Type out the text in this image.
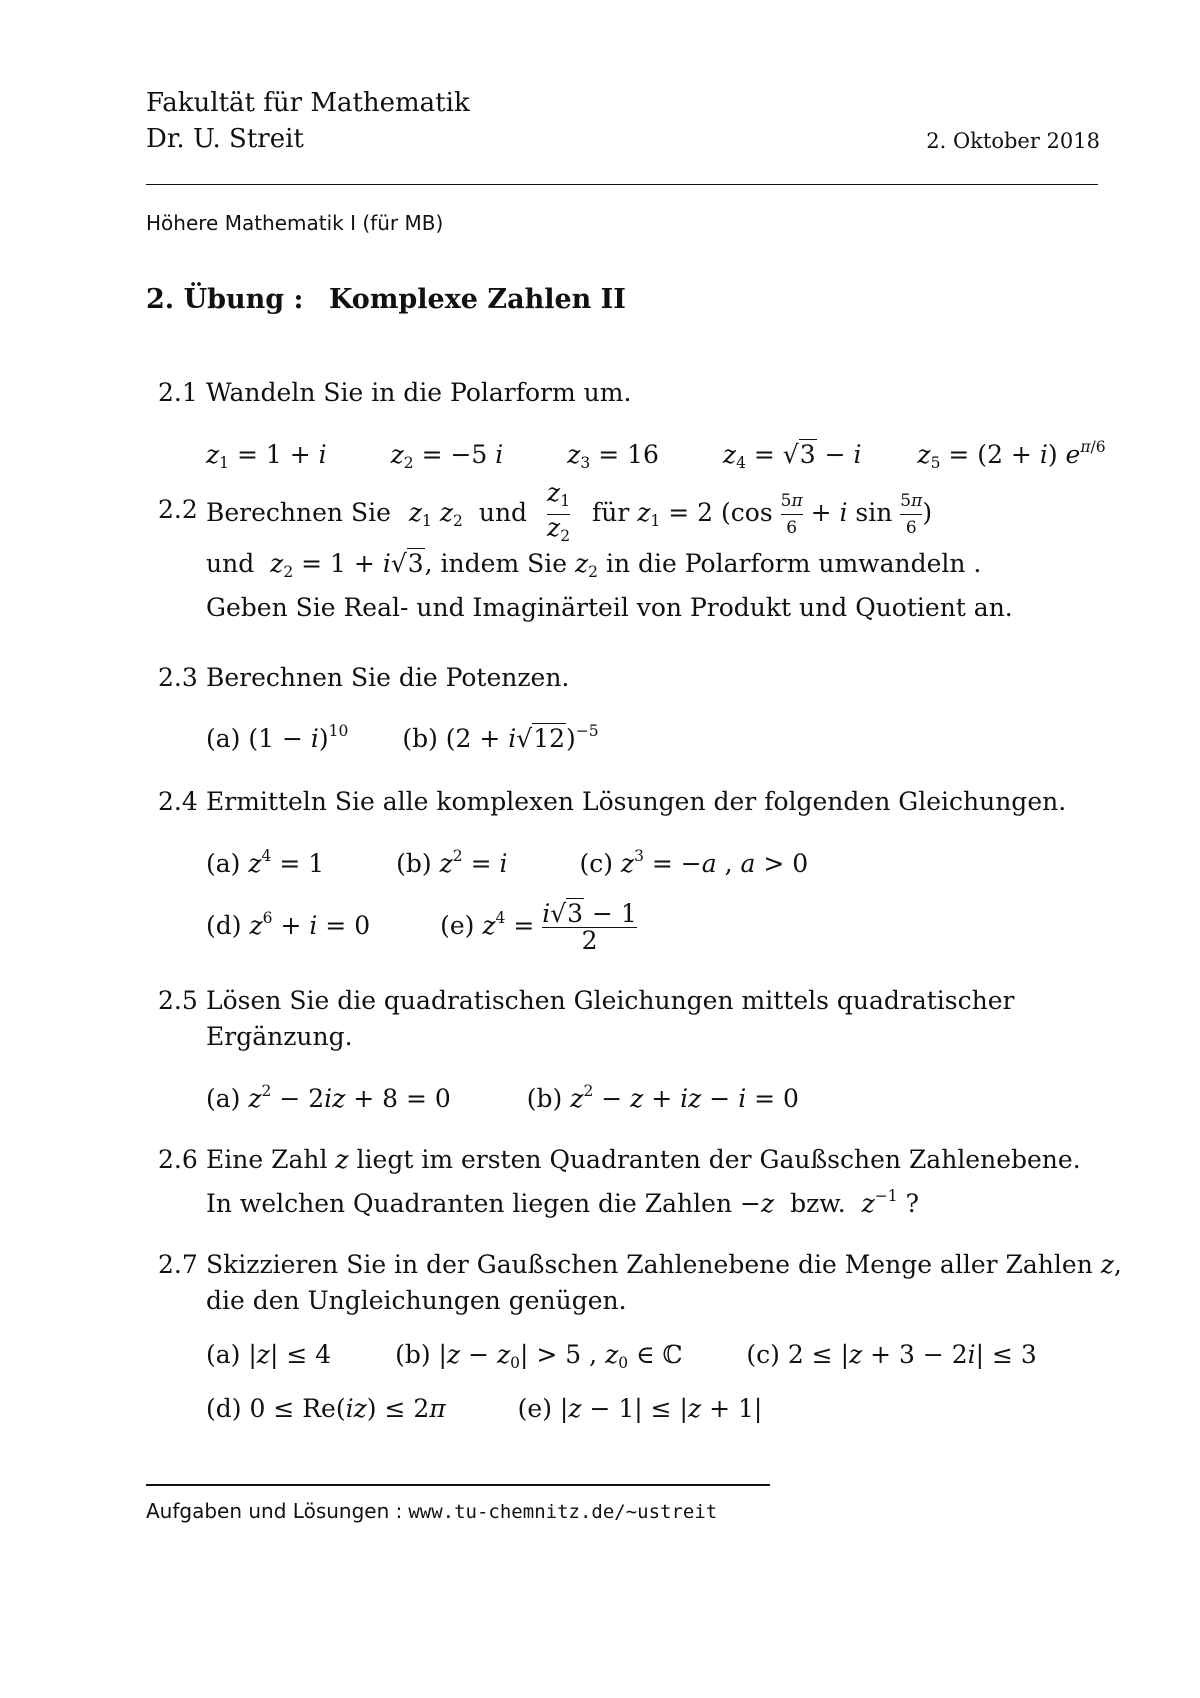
Fakultät für Mathematik
Dr. U. Streit	2. Oktober 2018
Höhere Mathematik I (für MB)
2. Übung : Komplexe Zahlen II
2.1 Wandeln Sie in die Polarform um.
$z_1 = 1 + i$	$z_2 = -5$ i	$z_3 = 16$ $z_4 = √3 - i$ $z_5 = (2 + i)$ $e^{\pi/6}$
2.2 Berechnen Sie $z_1$ $z_2$ und $\frac{z_1}{z_2}$ für $z_1 = 2$ ($\cos \frac{5\pi}{6} + i$ $\sin \frac{5\pi}{6}$ )
und $z_2 = 1 + i√3$, indem Sie $z_2$ in die Polarform umwandeln .
Geben Sie Real- und Imaginärteil von Produkt und Quotient an.
2.3 Berechnen Sie die Potenzen.
(a) $(1 - i)^{10}$ (b) $(2 + i√12)^{-5}$
2.4 Ermitteln Sie alle komplexen Lösungen der folgenden Gleichungen.
(a) $z^4 = 1$	(b) $z^2 = i$	(c) $z^3 = -a$ , a > 0
(d) $z^6 + i = 0$ (e) $z^4 = \frac{i√3 - 1}{2}$
2.5 Lösen Sie die quadratischen Gleichungen mittels quadratischer
Ergänzung.
(a) $z^2 - 2iz + 8 = 0$	(b) $z^2 - z$ + iz − i = 0
2.6 Eine Zahl z liegt im ersten Quadranten der Gaußschen Zahlenebene.
In welchen Quadranten liegen die Zahlen −z bzw. $z^{-1}$ ?
2.7 Skizzieren Sie in der Gaußschen Zahlenebene die Menge aller Zahlen z,
die den Ungleichungen genügen.
(a) |z| ≤ 4 (b) $|z - z_0| > 5$ , $z_0$ ∈ ℂ (c) 2 ≤ |z + 3 − 2i| ≤ 3
(d) 0 ≤ Re(iz) ≤ 2π	(e) |z − 1| ≤ |z + 1|
Aufgaben und Lösungen : www.tu-chemnitz.de/∼ustreit
